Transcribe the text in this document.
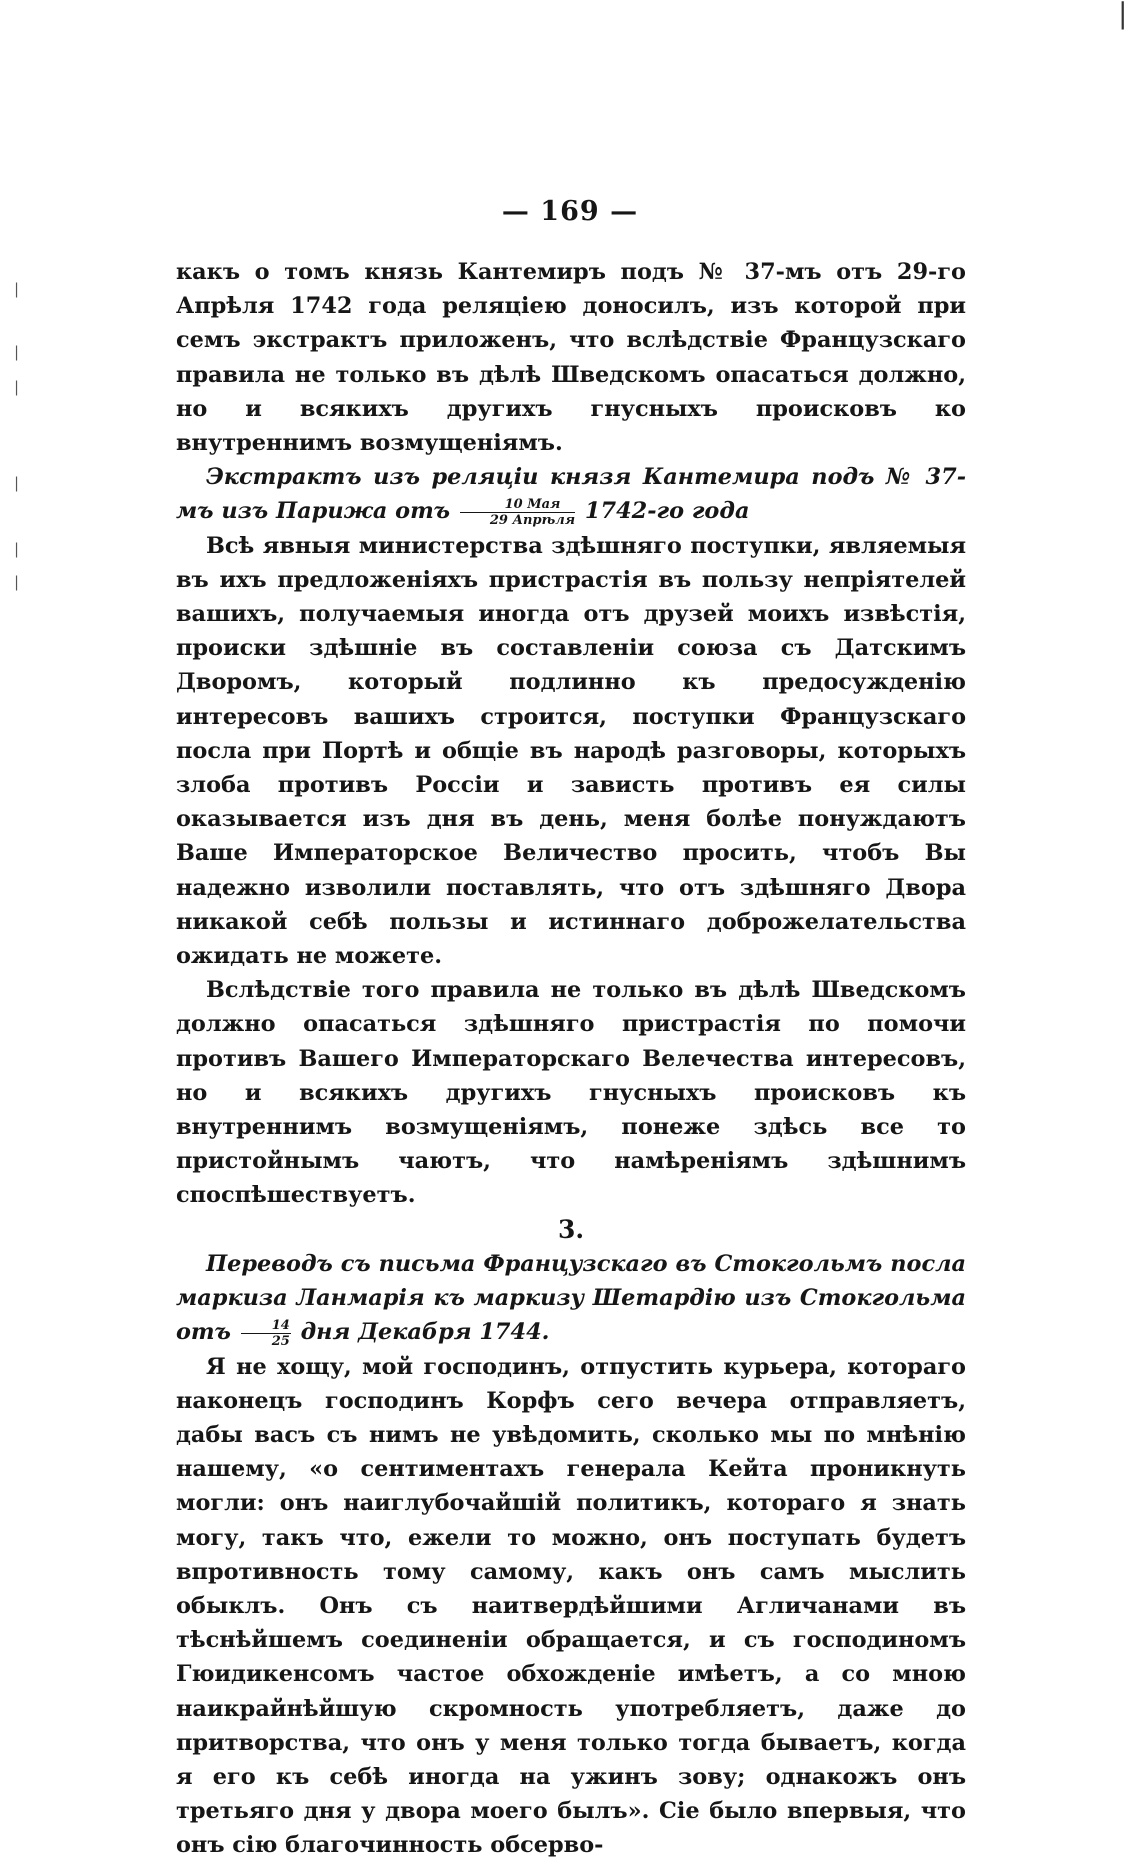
— 169 —

какъ о томъ князь Кантемиръ подъ № 37-мъ отъ 29-го Апрѣля 1742 года реляціею доносилъ, изъ которой при семъ экстрактъ приложенъ, что вслѣдствіе Французскаго правила не только въ дѣлѣ Шведскомъ опасаться должно, но и всякихъ другихъ гнусныхъ происковъ ко внутреннимъ возмущеніямъ.

Экстрактъ изъ реляціи князя Кантемира подъ № 37-мъ изъ Парижа отъ $\frac{\text{10 Мая}}{\text{29 Апрѣля}} 1742-го$ года

Всѣ явныя министерства здѣшняго поступки, являемыя въ ихъ предложеніяхъ пристрастія въ пользу непріятелей вашихъ, получаемыя иногда отъ друзей моихъ извѣстія, происки здѣшніе въ составленіи союза съ Датскимъ Дворомъ, который подлинно къ предосужденію интересовъ вашихъ строится, поступки Французскаго посла при Портѣ и общіе въ народѣ разговоры, которыхъ злоба противъ Россіи и зависть противъ ея силы оказывается изъ дня въ день, меня болѣе понуждаютъ Ваше Императорское Величество просить, чтобъ Вы надежно изволили поставлять, что отъ здѣшняго Двора никакой себѣ пользы и истиннаго доброжелательства ожидать не можете.

Вслѣдствіе того правила не только въ дѣлѣ Шведскомъ должно опасаться здѣшняго пристрастія по помочи противъ Вашего Императорскаго Велечества интересовъ, но и всякихъ другихъ гнусныхъ происковъ къ внутреннимъ возмущеніямъ, понеже здѣсь все то пристойнымъ чаютъ, что намѣреніямъ здѣшнимъ споспѣшествуетъ.

3.

Переводъ съ письма Французскаго въ Стокгольмъ посла маркиза Ланмарія къ маркизу Шетардію изъ Стокгольма отъ $\frac{14}{25}$ дня Декабря 1744.

Я не хощу, мой господинъ, отпустить курьера, котораго наконецъ господинъ Корфъ сего вечера отправляетъ, дабы васъ съ нимъ не увѣдомить, сколько мы по мнѣнію нашему, «о сентиментахъ генерала Кейта проникнуть могли: онъ наиглубочайшій политикъ, котораго я знать могу, такъ что, ежели то можно, онъ поступать будетъ впротивность тому самому, какъ онъ самъ мыслить обыклъ. Онъ съ наитвердѣйшими Агличанами въ тѣснѣйшемъ соединеніи обращается, и съ господиномъ Гюидикенсомъ частое обхожденіе имѣетъ, а со мною наикрайнѣйшую скромность употребляетъ, даже до притворства, что онъ у меня только тогда бываетъ, когда я его къ себѣ иногда на ужинъ зову; однакожъ онъ третьяго дня у двора моего былъ». Сіе было впервыя, что онъ сію благочинность обсерво-

|
|
|
|
|
|
|
